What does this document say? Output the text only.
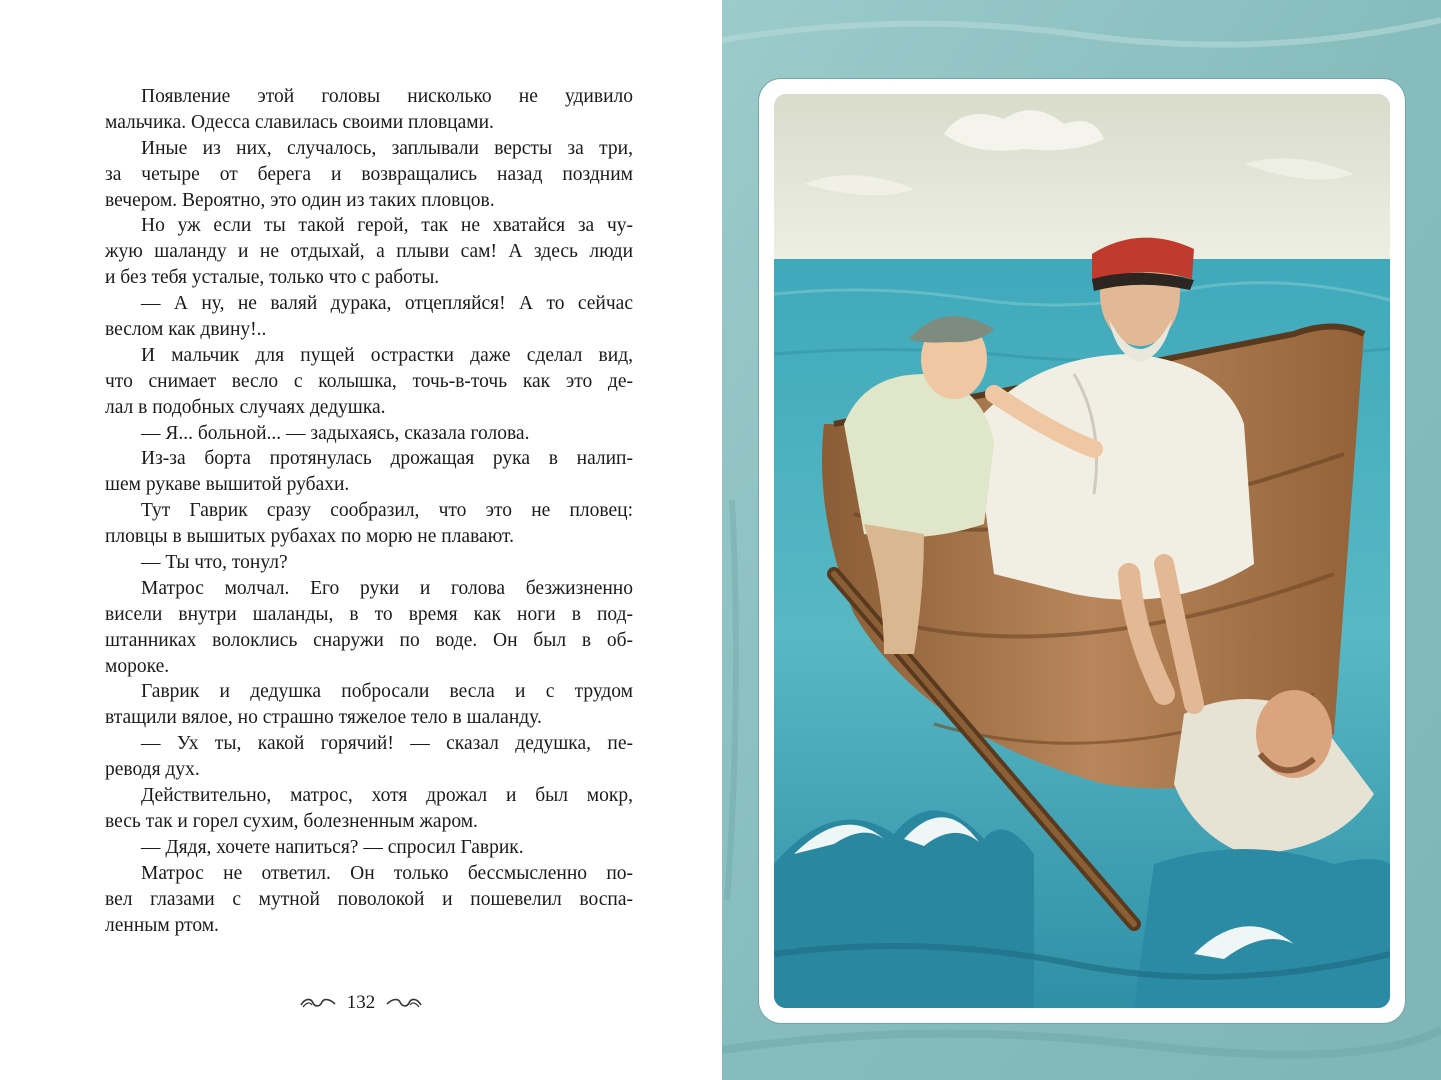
Появление этой головы нисколько не удивило
мальчика. Одесса славилась своими пловцами.
Иные из них, случалось, заплывали версты за три,
за четыре от берега и возвращались назад поздним
вечером. Вероятно, это один из таких пловцов.
Но уж если ты такой герой, так не хватайся за чу-
жую шаланду и не отдыхай, а плыви сам! А здесь люди
и без тебя усталые, только что с работы.
— А ну, не валяй дурака, отцепляйся! А то сейчас
веслом как двину!..
И мальчик для пущей острастки даже сделал вид,
что снимает весло с колышка, точь-в-точь как это де-
лал в подобных случаях дедушка.
— Я... больной... — задыхаясь, сказала голова.
Из-за борта протянулась дрожащая рука в налип-
шем рукаве вышитой рубахи.
Тут Гаврик сразу сообразил, что это не пловец:
пловцы в вышитых рубахах по морю не плавают.
— Ты что, тонул?
Матрос молчал. Его руки и голова безжизненно
висели внутри шаланды, в то время как ноги в под-
штанниках волоклись снаружи по воде. Он был в об-
мороке.
Гаврик и дедушка побросали весла и с трудом
втащили вялое, но страшно тяжелое тело в шаланду.
— Ух ты, какой горячий! — сказал дедушка, пе-
реводя дух.
Действительно, матрос, хотя дрожал и был мокр,
весь так и горел сухим, болезненным жаром.
— Дядя, хочете напиться? — спросил Гаврик.
Матрос не ответил. Он только бессмысленно по-
вел глазами с мутной поволокой и пошевелил воспа-
ленным ртом.
132
